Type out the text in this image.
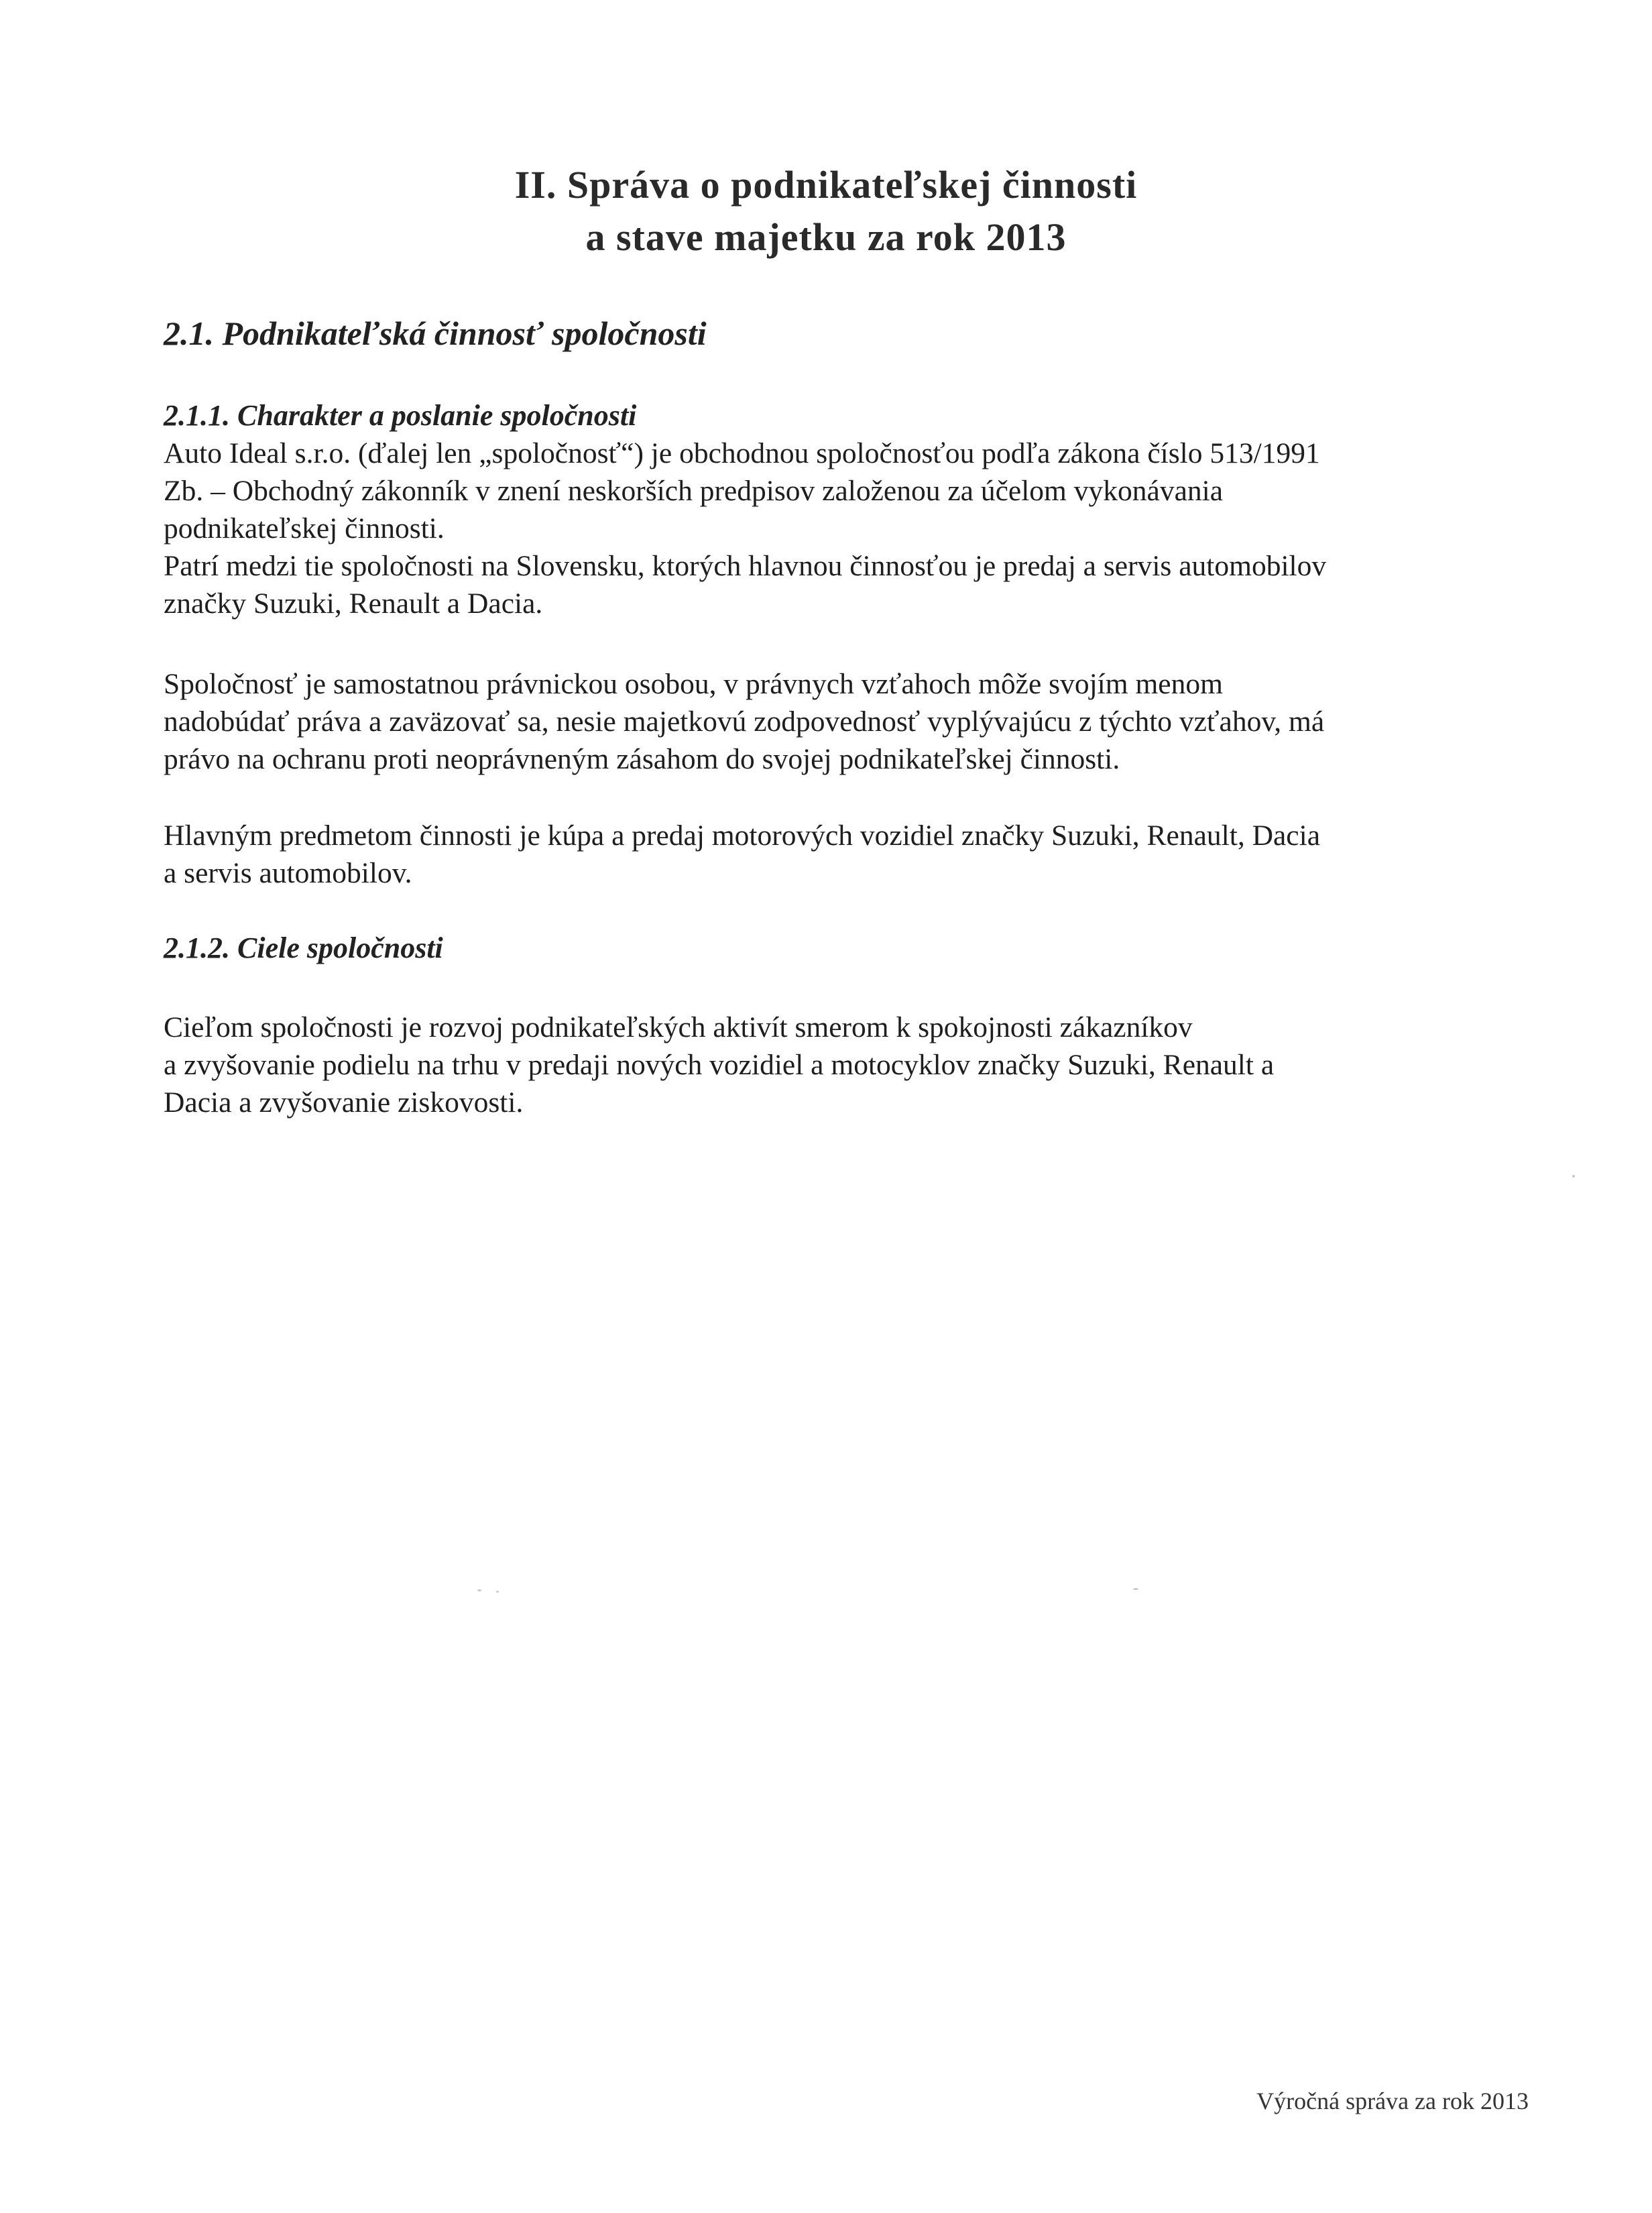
II. Správa o podnikateľskej činnosti
a stave majetku za rok 2013
2.1. Podnikateľská činnosť spoločnosti
2.1.1. Charakter a poslanie spoločnosti
Auto Ideal s.r.o. (ďalej len „spoločnosť“) je obchodnou spoločnosťou podľa zákona číslo 513/1991
Zb. – Obchodný zákonník v znení neskorších predpisov založenou za účelom vykonávania
podnikateľskej činnosti.
Patrí medzi tie spoločnosti na Slovensku, ktorých hlavnou činnosťou je predaj a servis automobilov
značky Suzuki, Renault a Dacia.
Spoločnosť je samostatnou právnickou osobou, v právnych vzťahoch môže svojím menom
nadobúdať práva a zaväzovať sa, nesie majetkovú zodpovednosť vyplývajúcu z týchto vzťahov, má
právo na ochranu proti neoprávneným zásahom do svojej podnikateľskej činnosti.
Hlavným predmetom činnosti je kúpa a predaj motorových vozidiel značky Suzuki, Renault, Dacia
a servis automobilov.
2.1.2. Ciele spoločnosti
Cieľom spoločnosti je rozvoj podnikateľských aktivít smerom k spokojnosti zákazníkov
a zvyšovanie podielu na trhu v predaji nových vozidiel a motocyklov značky Suzuki, Renault a
Dacia a zvyšovanie ziskovosti.
Výročná správa za rok 2013
